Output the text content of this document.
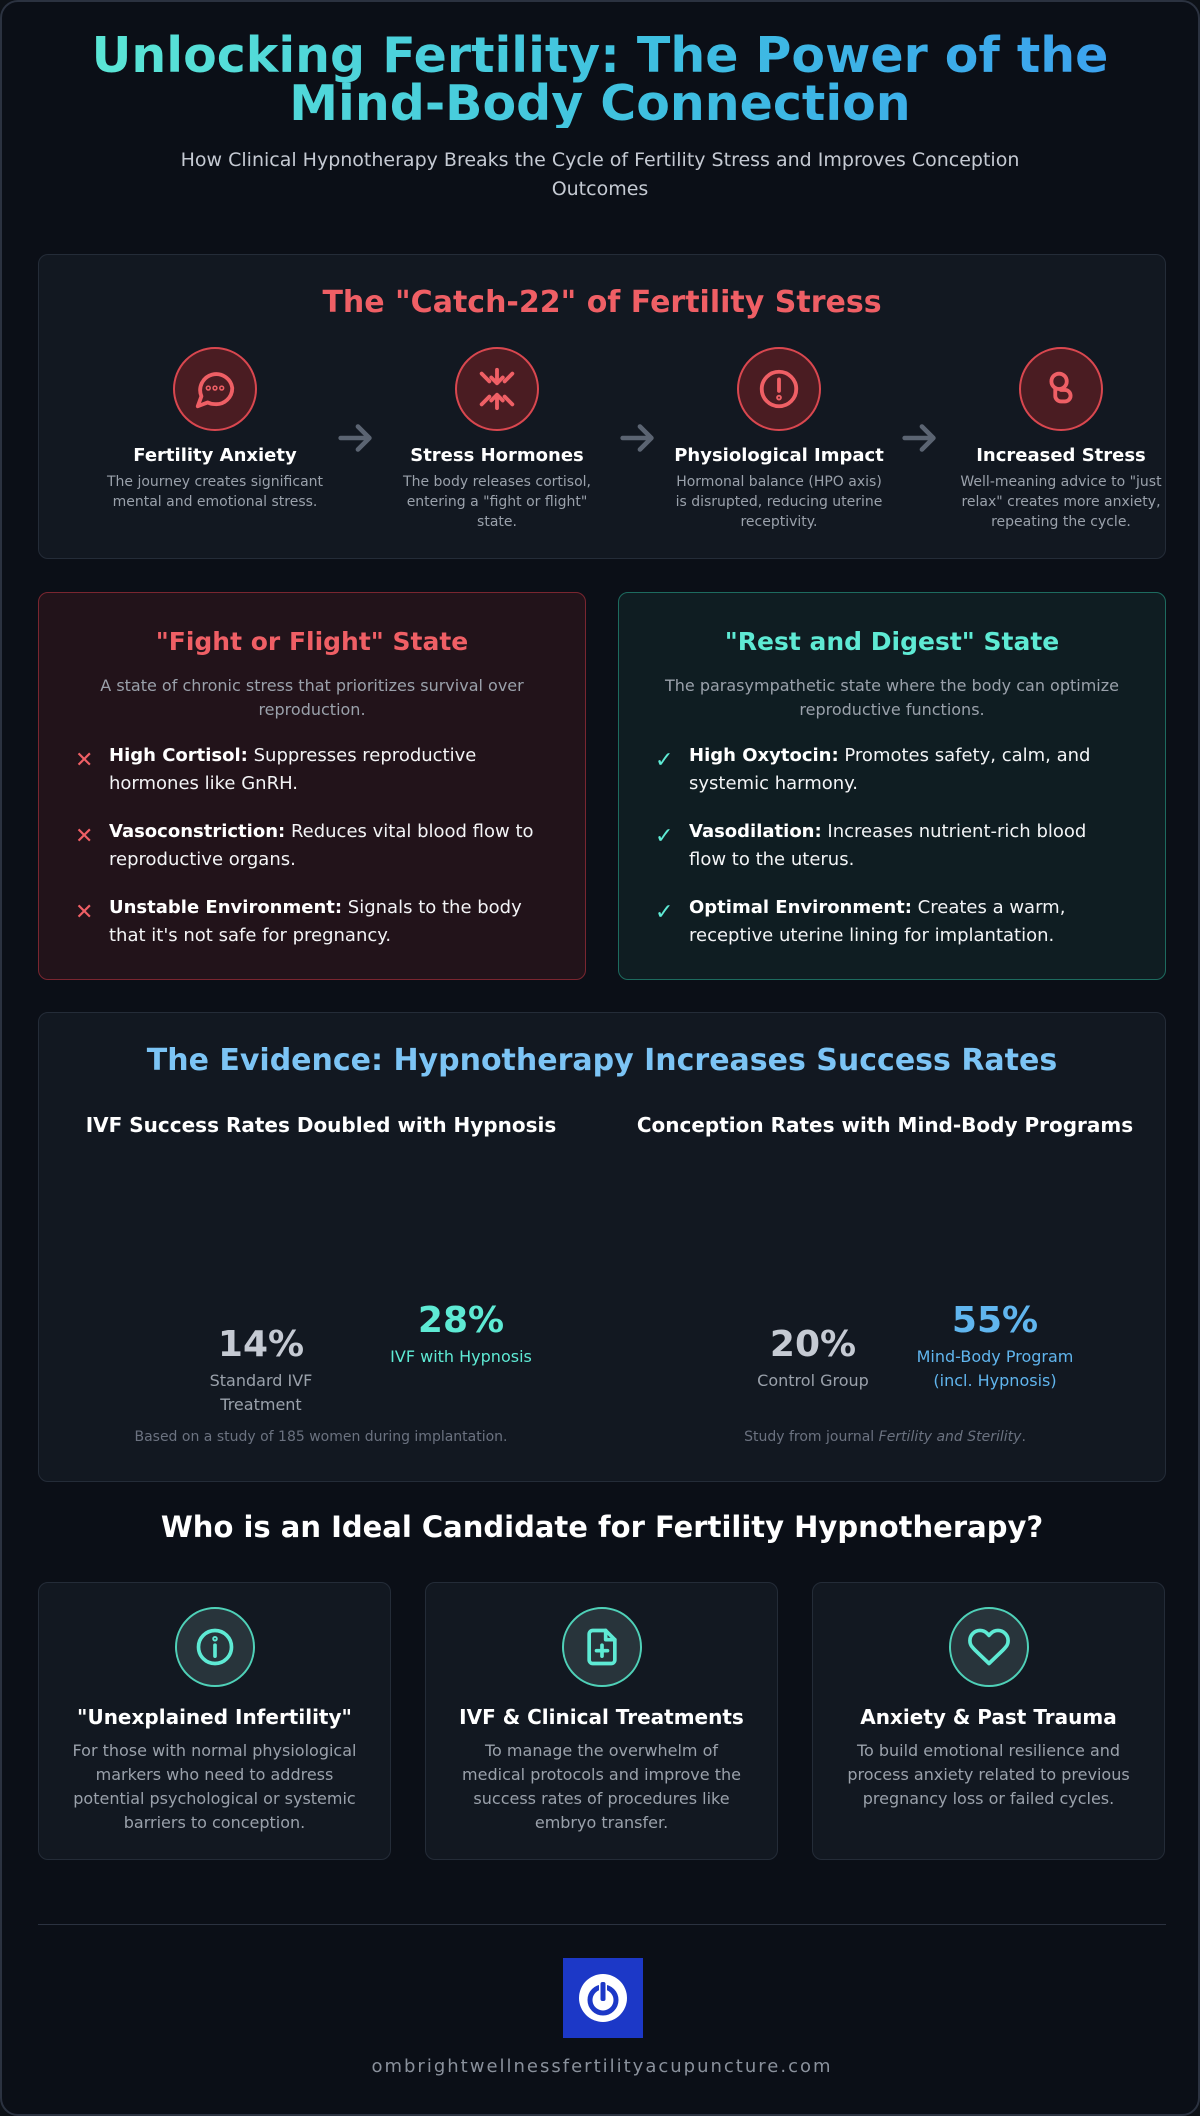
Unlocking Fertility: The Power of the Mind-Body Connection

How Clinical Hypnotherapy Breaks the Cycle of Fertility Stress and Improves Conception Outcomes

The "Catch-22" of Fertility Stress
Fertility Anxiety
The journey creates significant mental and emotional stress.
Stress Hormones
The body releases cortisol, entering a "fight or flight" state.
Physiological Impact
Hormonal balance (HPO axis) is disrupted, reducing uterine receptivity.
Increased Stress
Well-meaning advice to "just relax" creates more anxiety, repeating the cycle.
"Fight or Flight" State

A state of chronic stress that prioritizes survival over reproduction.

✕ High Cortisol: Suppresses reproductive hormones like GnRH.
✕ Vasoconstriction: Reduces vital blood flow to reproductive organs.
✕ Unstable Environment: Signals to the body that it's not safe for pregnancy.
"Rest and Digest" State

The parasympathetic state where the body can optimize reproductive functions.

✓ High Oxytocin: Promotes safety, calm, and systemic harmony.
✓ Vasodilation: Increases nutrient-rich blood flow to the uterus.
✓ Optimal Environment: Creates a warm, receptive uterine lining for implantation.
The Evidence: Hypnotherapy Increases Success Rates
IVF Success Rates Doubled with Hypnosis
14%
Standard IVF Treatment
28%
IVF with Hypnosis
Based on a study of 185 women during implantation.
Conception Rates with Mind-Body Programs
20%
Control Group
55%
Mind-Body Program (incl. Hypnosis)
Study from journal Fertility and Sterility.
Who is an Ideal Candidate for Fertility Hypnotherapy?
"Unexplained Infertility"
For those with normal physiological markers who need to address potential psychological or systemic barriers to conception.
IVF & Clinical Treatments
To manage the overwhelm of medical protocols and improve the success rates of procedures like embryo transfer.
Anxiety & Past Trauma
To build emotional resilience and process anxiety related to previous pregnancy loss or failed cycles.
ombrightwellnessfertilityacupuncture.com
